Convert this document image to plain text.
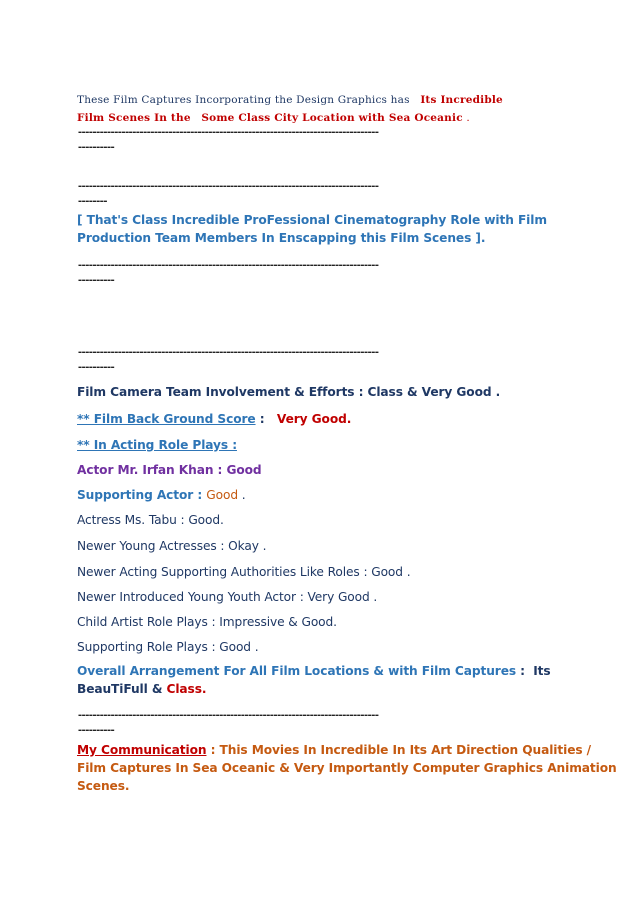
These Film Captures Incorporating the Design Graphics has Its Incredible
Film Scenes In the Some Class City Location with Sea Oceanic .
-----------------------------------------------------------------------------------
----------
-----------------------------------------------------------------------------------
--------
[ That's Class Incredible ProFessional Cinematography Role with Film
Production Team Members In Enscapping this Film Scenes ].
-----------------------------------------------------------------------------------
----------
-----------------------------------------------------------------------------------
----------
Film Camera Team Involvement & Efforts : Class & Very Good .
** Film Back Ground Score :   Very Good.
** In Acting Role Plays :
Actor Mr. Irfan Khan : Good
Supporting Actor : Good .
Actress Ms. Tabu : Good.
Newer Young Actresses : Okay .
Newer Acting Supporting Authorities Like Roles : Good .
Newer Introduced Young Youth Actor : Very Good .
Child Artist Role Plays : Impressive & Good.
Supporting Role Plays : Good .
Overall Arrangement For All Film Locations & with Film Captures :  Its
BeauTiFull & Class.
-----------------------------------------------------------------------------------
----------
My Communication : This Movies In Incredible In Its Art Direction Qualities /
Film Captures In Sea Oceanic & Very Importantly Computer Graphics Animation
Scenes.
